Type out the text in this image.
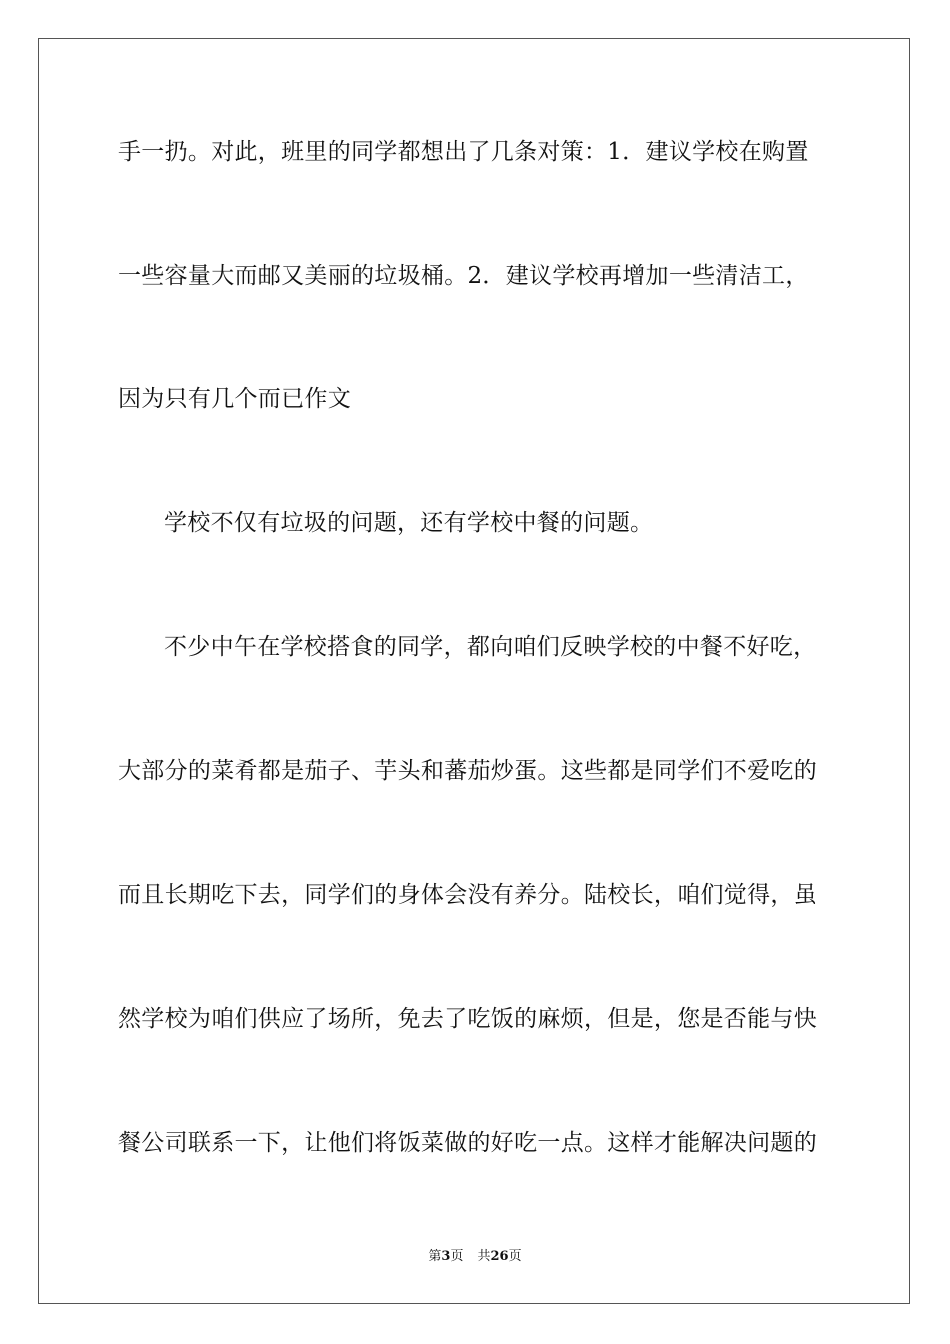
手一扔。对此，班里的同学都想出了几条对策：1．建议学校在购置
一些容量大而邮又美丽的垃圾桶。2．建议学校再增加一些清洁工，
因为只有几个而已作文
学校不仅有垃圾的问题，还有学校中餐的问题。
不少中午在学校搭食的同学，都向咱们反映学校的中餐不好吃，
大部分的菜肴都是茄子、芋头和蕃茄炒蛋。这些都是同学们不爱吃的
而且长期吃下去，同学们的身体会没有养分。陆校长，咱们觉得，虽
然学校为咱们供应了场所，免去了吃饭的麻烦，但是，您是否能与快
餐公司联系一下，让他们将饭菜做的好吃一点。这样才能解决问题的
第3页 共26页
